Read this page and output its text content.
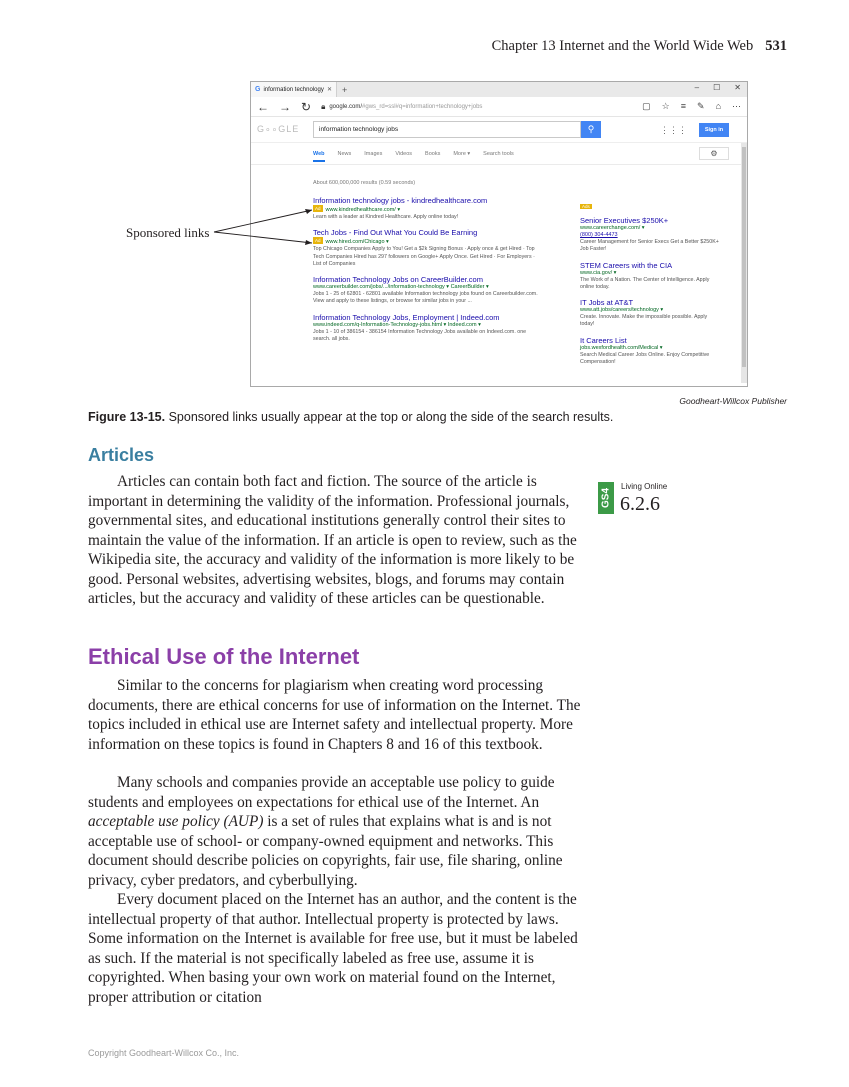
Chapter 13 Internet and the World Wide Web 531
G information technology ✕ +	– ☐ ✕
← → ↻ 🔒︎ google.com/#gws_rd=ssl#q=information+technology+jobs	▢ ☆ ≡ ✎ ⌂ ⋯
G∘∘GLE	information technology jobs	⚲	⋮⋮⋮	Sign in
Web News Images Videos Books More ▾ Search tools	⚙
About 600,000,000 results (0.59 seconds)
Information technology jobs - kindredhealthcare.com
Ad www.kindredhealthcare.com/ ▾
Learn with a leader at Kindred Healthcare. Apply online today!
Tech Jobs - Find Out What You Could Be Earning
Ad www.hired.com/Chicago ▾
Top Chicago Companies Apply to You! Get a $2k Signing Bonus · Apply once & get Hired · Top Tech Companies Hired has 297 followers on Google+ Apply Once. Get Hired · For Employers · List of Companies
Information Technology Jobs on CareerBuilder.com
www.careerbuilder.com/jobs/.../information-technology ▾ CareerBuilder ▾
Jobs 1 - 25 of 62801 - 62801 available Information technology jobs found on Careerbuilder.com. View and apply to these listings, or browse for similar jobs in your ...
Information Technology Jobs, Employment | Indeed.com
www.indeed.com/q-Information-Technology-jobs.html ▾ Indeed.com ▾
Jobs 1 - 10 of 386154 - 386154 Information Technology Jobs available on Indeed.com. one search. all jobs.
Ads
Senior Executives $250K+
www.careerchange.com/ ▾
(800) 304-4473
Career Management for Senior Execs Get a Better $250K+ Job Faster!
STEM Careers with the CIA
www.cia.gov/ ▾
The Work of a Nation. The Center of Intelligence. Apply online today.
IT Jobs at AT&T
www.att.jobs/careers/technology ▾
Create. Innovate. Make the impossible possible. Apply today!
It Careers List
jobs.wexfordhealth.com/Medical ▾
Search Medical Career Jobs Online. Enjoy Competitive Compensation!
Sponsored links
Goodheart-Willcox Publisher
Figure 13-15. Sponsored links usually appear at the top or along the side of the search results.
Articles

Articles can contain both fact and fiction. The source of the article is important in determining the validity of the information. Professional journals, governmental sites, and educational institutions generally control their sites to maintain the value of the information. If an article is open to review, such as the Wikipedia site, the accuracy and validity of the information is more likely to be good. Personal websites, advertising websites, blogs, and forums may contain articles, but the accuracy and validity of these articles can be questionable.

GS4
Living Online
6.2.6
Ethical Use of the Internet

Similar to the concerns for plagiarism when creating word processing documents, there are ethical concerns for use of information on the Internet. The topics included in ethical use are Internet safety and intellectual property. More information on these topics is found in Chapters 8 and 16 of this textbook.

Many schools and companies provide an acceptable use policy to guide students and employees on expectations for ethical use of the Internet. An acceptable use policy (AUP) is a set of rules that explains what is and is not acceptable use of school- or company-owned equipment and networks. This document should describe policies on copyrights, fair use, file sharing, online privacy, cyber predators, and cyberbullying.

Every document placed on the Internet has an author, and the content is the intellectual property of that author. Intellectual property is protected by laws. Some information on the Internet is available for free use, but it must be labeled as such. If the material is not specifically labeled as free use, assume it is copyrighted. When basing your own work on material found on the Internet, proper attribution or citation

Copyright Goodheart-Willcox Co., Inc.
